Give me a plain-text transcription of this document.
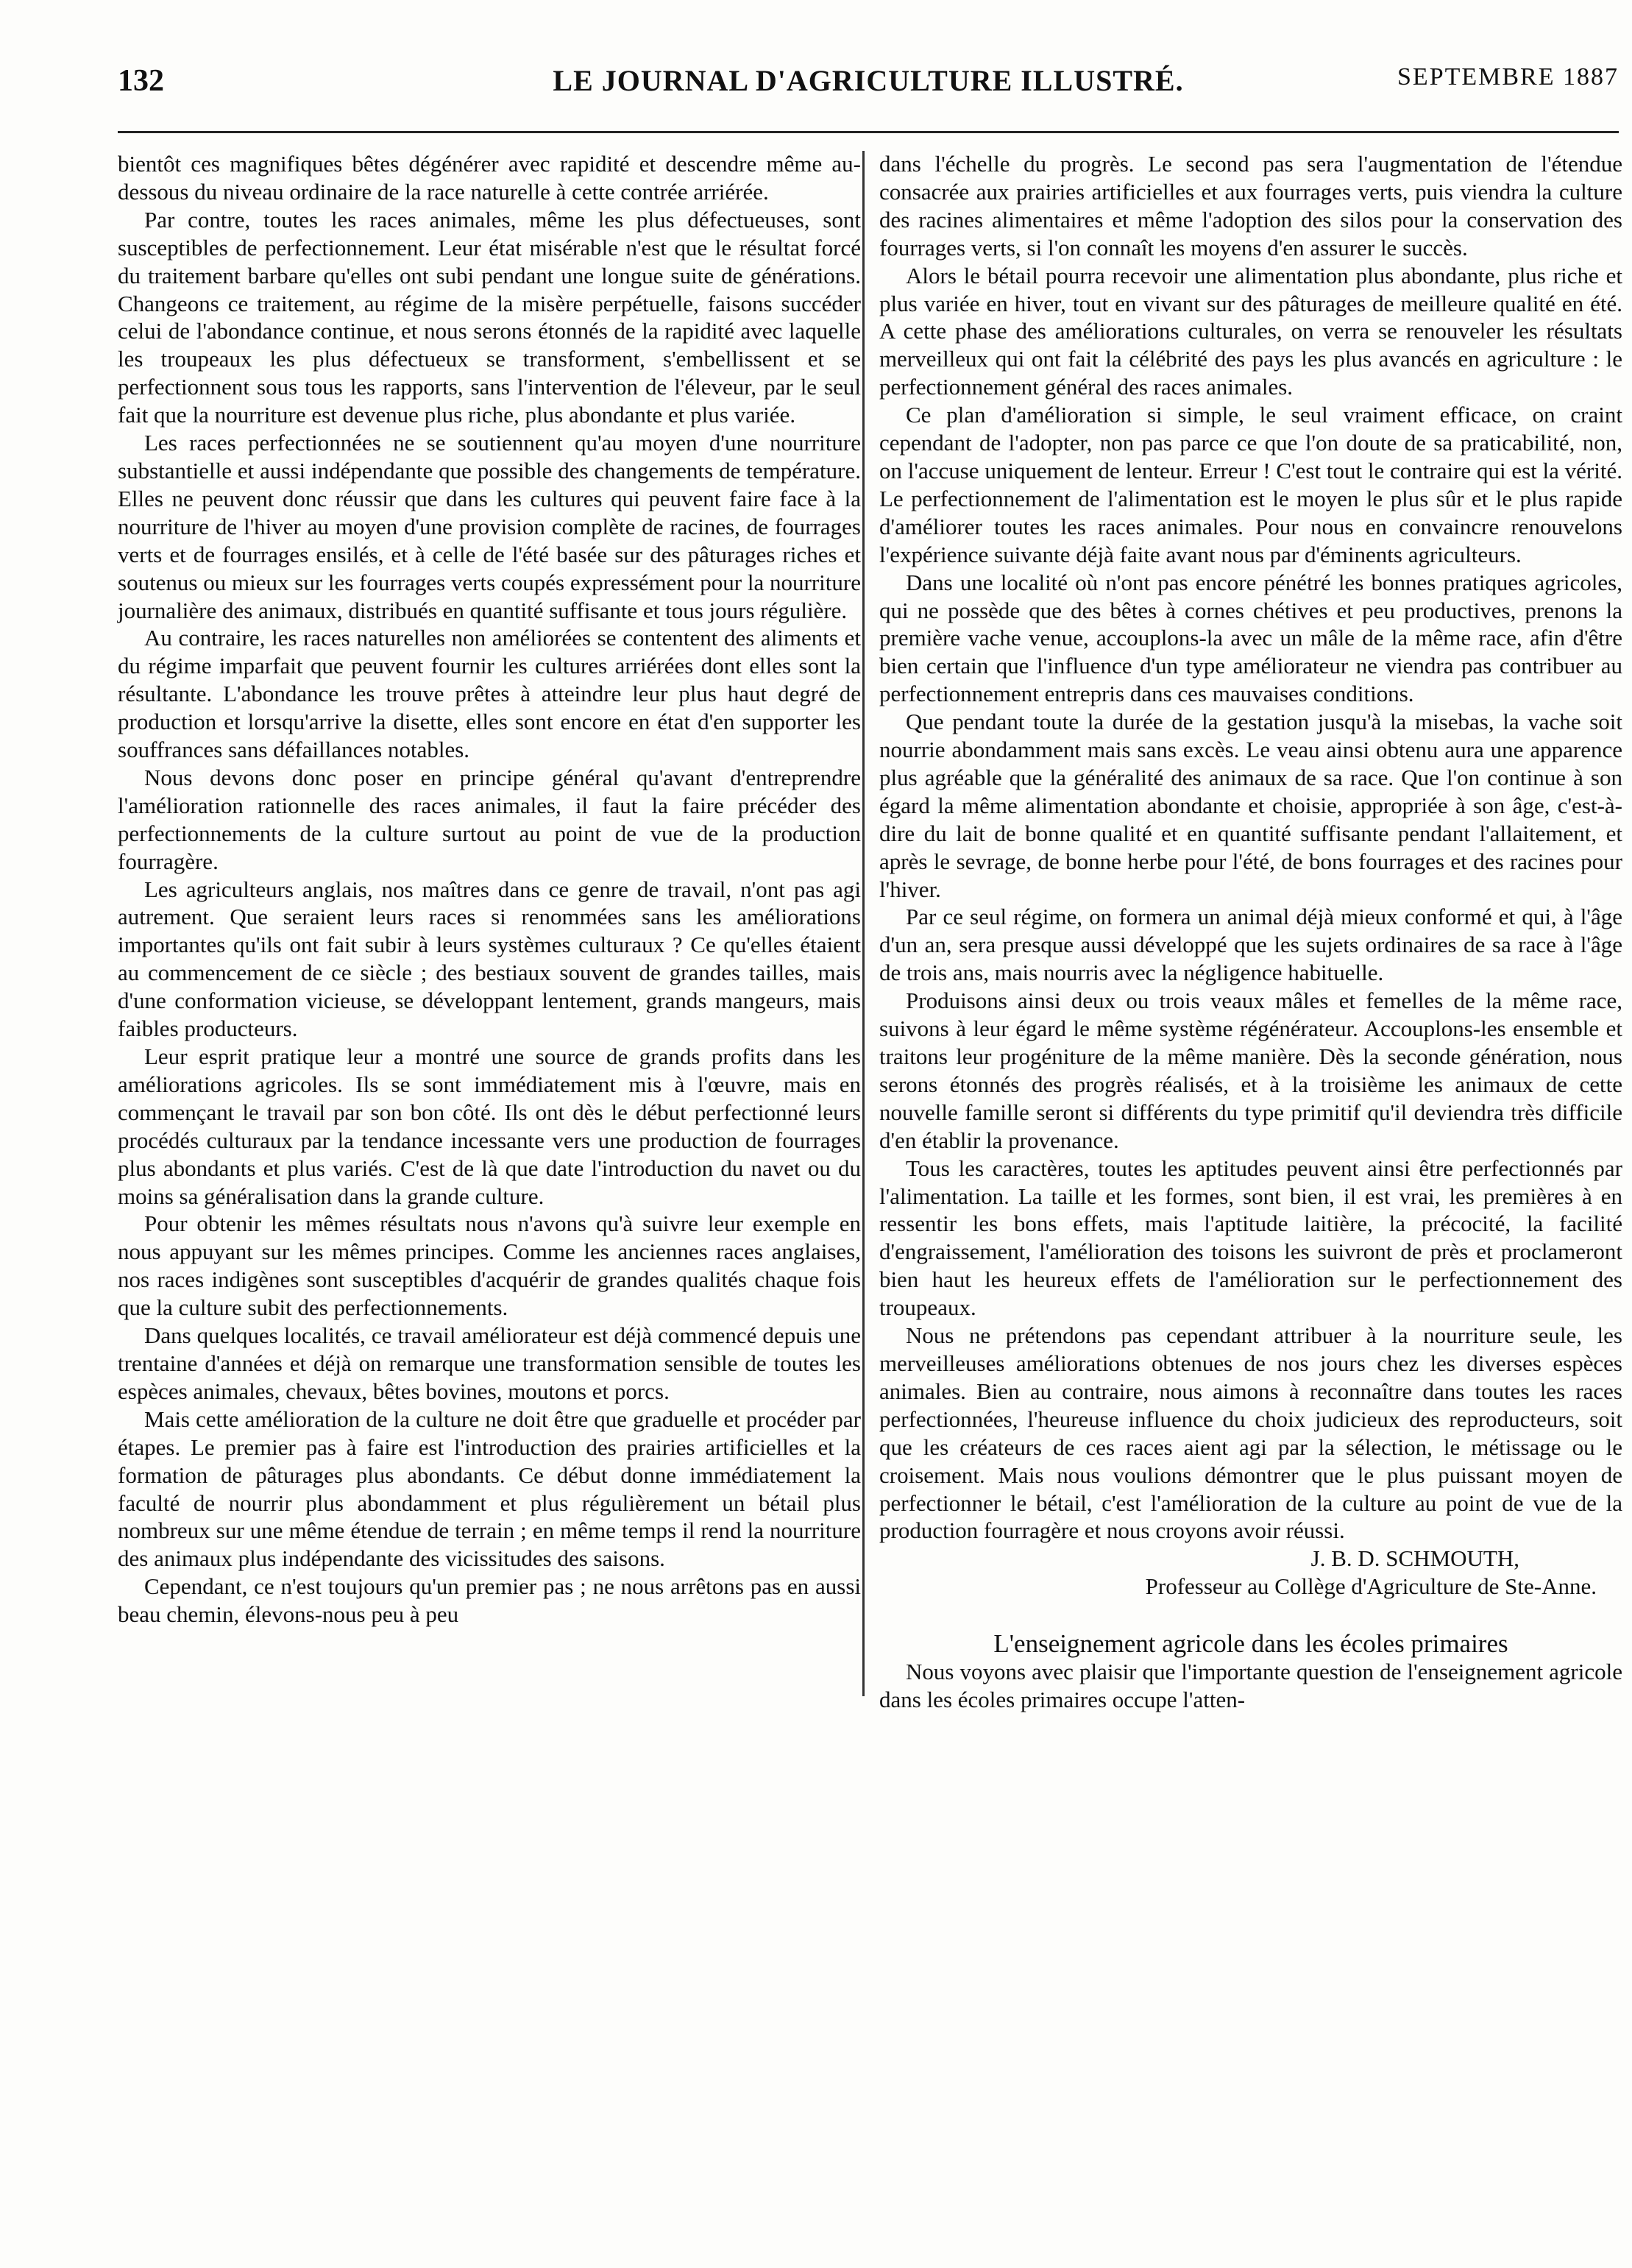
132	LE JOURNAL D'AGRICULTURE ILLUSTRÉ.	SEPTEMBRE 1887

bientôt ces magnifiques bêtes dégénérer avec rapidité et descendre même au-dessous du niveau ordinaire de la race naturelle à cette contrée arriérée.

Par contre, toutes les races animales, même les plus défectueuses, sont susceptibles de perfectionnement. Leur état misérable n'est que le résultat forcé du traitement barbare qu'elles ont subi pendant une longue suite de générations. Changeons ce traitement, au régime de la misère perpétuelle, faisons succéder celui de l'abondance continue, et nous serons étonnés de la rapidité avec laquelle les troupeaux les plus défectueux se transforment, s'embellissent et se perfectionnent sous tous les rapports, sans l'intervention de l'éleveur, par le seul fait que la nourriture est devenue plus riche, plus abondante et plus variée.

Les races perfectionnées ne se soutiennent qu'au moyen d'une nourriture substantielle et aussi indépendante que possible des changements de température. Elles ne peuvent donc réussir que dans les cultures qui peuvent faire face à la nourriture de l'hiver au moyen d'une provision complète de racines, de fourrages verts et de fourrages ensilés, et à celle de l'été basée sur des pâturages riches et soutenus ou mieux sur les fourrages verts coupés expressément pour la nourriture journalière des animaux, distribués en quantité suffisante et tous jours régulière.

Au contraire, les races naturelles non améliorées se contentent des aliments et du régime imparfait que peuvent fournir les cultures arriérées dont elles sont la résultante. L'abondance les trouve prêtes à atteindre leur plus haut degré de production et lorsqu'arrive la disette, elles sont encore en état d'en supporter les souffrances sans défaillances notables.

Nous devons donc poser en principe général qu'avant d'entreprendre l'amélioration rationnelle des races animales, il faut la faire précéder des perfectionnements de la culture surtout au point de vue de la production fourragère.

Les agriculteurs anglais, nos maîtres dans ce genre de travail, n'ont pas agi autrement. Que seraient leurs races si renommées sans les améliorations importantes qu'ils ont fait subir à leurs systèmes culturaux ? Ce qu'elles étaient au commencement de ce siècle ; des bestiaux souvent de grandes tailles, mais d'une conformation vicieuse, se développant lentement, grands mangeurs, mais faibles producteurs.

Leur esprit pratique leur a montré une source de grands profits dans les améliorations agricoles. Ils se sont immédiatement mis à l'œuvre, mais en commençant le travail par son bon côté. Ils ont dès le début perfectionné leurs procédés culturaux par la tendance incessante vers une production de fourrages plus abondants et plus variés. C'est de là que date l'introduction du navet ou du moins sa généralisation dans la grande culture.

Pour obtenir les mêmes résultats nous n'avons qu'à suivre leur exemple en nous appuyant sur les mêmes principes. Comme les anciennes races anglaises, nos races indigènes sont susceptibles d'acquérir de grandes qualités chaque fois que la culture subit des perfectionnements.

Dans quelques localités, ce travail améliorateur est déjà commencé depuis une trentaine d'années et déjà on remarque une transformation sensible de toutes les espèces animales, chevaux, bêtes bovines, moutons et porcs.

Mais cette amélioration de la culture ne doit être que graduelle et procéder par étapes. Le premier pas à faire est l'introduction des prairies artificielles et la formation de pâturages plus abondants. Ce début donne immédiatement la faculté de nourrir plus abondamment et plus régulièrement un bétail plus nombreux sur une même étendue de terrain ; en même temps il rend la nourriture des animaux plus indépendante des vicissitudes des saisons.

Cependant, ce n'est toujours qu'un premier pas ; ne nous arrêtons pas en aussi beau chemin, élevons-nous peu à peu

dans l'échelle du progrès. Le second pas sera l'augmentation de l'étendue consacrée aux prairies artificielles et aux fourrages verts, puis viendra la culture des racines alimentaires et même l'adoption des silos pour la conservation des fourrages verts, si l'on connaît les moyens d'en assurer le succès.

Alors le bétail pourra recevoir une alimentation plus abondante, plus riche et plus variée en hiver, tout en vivant sur des pâturages de meilleure qualité en été. A cette phase des améliorations culturales, on verra se renouveler les résultats merveilleux qui ont fait la célébrité des pays les plus avancés en agriculture : le perfectionnement général des races animales.

Ce plan d'amélioration si simple, le seul vraiment efficace, on craint cependant de l'adopter, non pas parce ce que l'on doute de sa praticabilité, non, on l'accuse uniquement de lenteur. Erreur ! C'est tout le contraire qui est la vérité. Le perfectionnement de l'alimentation est le moyen le plus sûr et le plus rapide d'améliorer toutes les races animales. Pour nous en convaincre renouvelons l'expérience suivante déjà faite avant nous par d'éminents agriculteurs.

Dans une localité où n'ont pas encore pénétré les bonnes pratiques agricoles, qui ne possède que des bêtes à cornes chétives et peu productives, prenons la première vache venue, accouplons-la avec un mâle de la même race, afin d'être bien certain que l'influence d'un type améliorateur ne viendra pas contribuer au perfectionnement entrepris dans ces mauvaises conditions.

Que pendant toute la durée de la gestation jusqu'à la misebas, la vache soit nourrie abondamment mais sans excès. Le veau ainsi obtenu aura une apparence plus agréable que la généralité des animaux de sa race. Que l'on continue à son égard la même alimentation abondante et choisie, appropriée à son âge, c'est-à-dire du lait de bonne qualité et en quantité suffisante pendant l'allaitement, et après le sevrage, de bonne herbe pour l'été, de bons fourrages et des racines pour l'hiver.

Par ce seul régime, on formera un animal déjà mieux conformé et qui, à l'âge d'un an, sera presque aussi développé que les sujets ordinaires de sa race à l'âge de trois ans, mais nourris avec la négligence habituelle.

Produisons ainsi deux ou trois veaux mâles et femelles de la même race, suivons à leur égard le même système régénérateur. Accouplons-les ensemble et traitons leur progéniture de la même manière. Dès la seconde génération, nous serons étonnés des progrès réalisés, et à la troisième les animaux de cette nouvelle famille seront si différents du type primitif qu'il deviendra très difficile d'en établir la provenance.

Tous les caractères, toutes les aptitudes peuvent ainsi être perfectionnés par l'alimentation. La taille et les formes, sont bien, il est vrai, les premières à en ressentir les bons effets, mais l'aptitude laitière, la précocité, la facilité d'engraissement, l'amélioration des toisons les suivront de près et proclameront bien haut les heureux effets de l'amélioration sur le perfectionnement des troupeaux.

Nous ne prétendons pas cependant attribuer à la nourriture seule, les merveilleuses améliorations obtenues de nos jours chez les diverses espèces animales. Bien au contraire, nous aimons à reconnaître dans toutes les races perfectionnées, l'heureuse influence du choix judicieux des reproducteurs, soit que les créateurs de ces races aient agi par la sélection, le métissage ou le croisement. Mais nous voulions démontrer que le plus puissant moyen de perfectionner le bétail, c'est l'amélioration de la culture au point de vue de la production fourragère et nous croyons avoir réussi.

J. B. D. SCHMOUTH,
Professeur au Collège d'Agriculture de Ste-Anne.
L'enseignement agricole dans les écoles primaires

Nous voyons avec plaisir que l'importante question de l'enseignement agricole dans les écoles primaires occupe l'atten-
